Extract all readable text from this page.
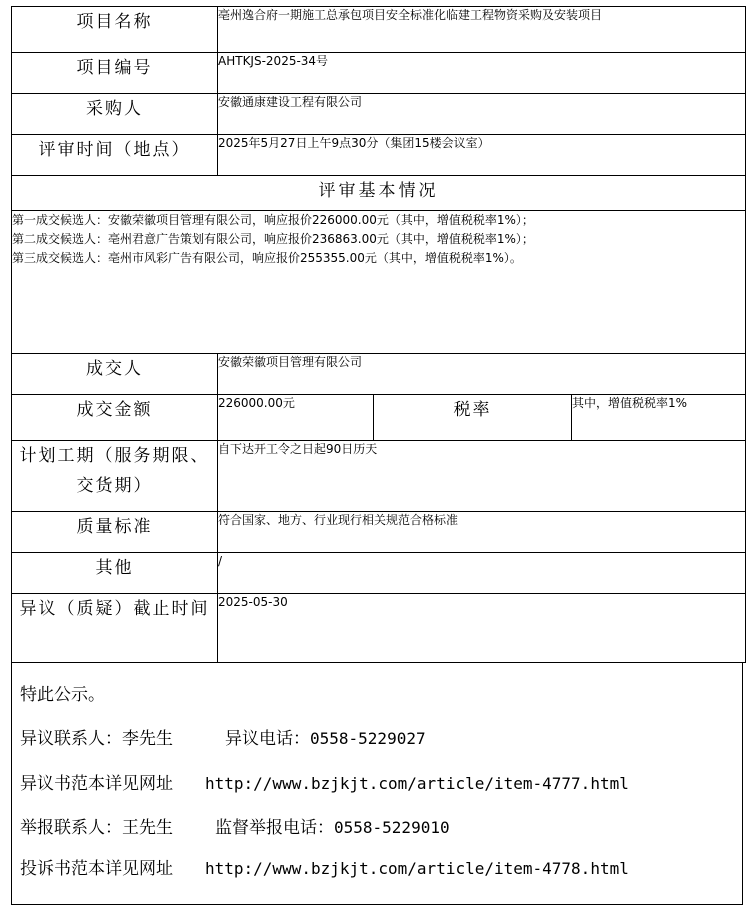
项目名称	亳州逸合府一期施工总承包项目安全标准化临建工程物资采购及安装项目		
项目编号	AHTKJS-2025-34号		
采购人	安徽通康建设工程有限公司		
评审时间（地点）	2025年5月27日上午9点30分（集团15楼会议室）		
评审基本情况			

第一成交候选人：安徽荣徽项目管理有限公司，响应报价226000.00元（其中，增值税税率1%）；
第二成交候选人：亳州君意广告策划有限公司，响应报价236863.00元（其中，增值税税率1%）；
第三成交候选人：亳州市风彩广告有限公司，响应报价255355.00元（其中，增值税税率1%）。			

成交人	安徽荣徽项目管理有限公司		
成交金额	226000.00元	税率	其中，增值税税率1%
计划工期（服务期限、交货期）	自下达开工令之日起90日历天		
质量标准	符合国家、地方、行业现行相关规范合格标准		
其他	/		
异议（质疑）截止时间	2025-05-30		
特此公示。
异议联系人：李先生	异议电话：0558-5229027
异议书范本详见网址 http://www.bzjkjt.com/article/item-4777.html
举报联系人：王先生 监督举报电话：0558-5229010
投诉书范本详见网址 http://www.bzjkjt.com/article/item-4778.html
